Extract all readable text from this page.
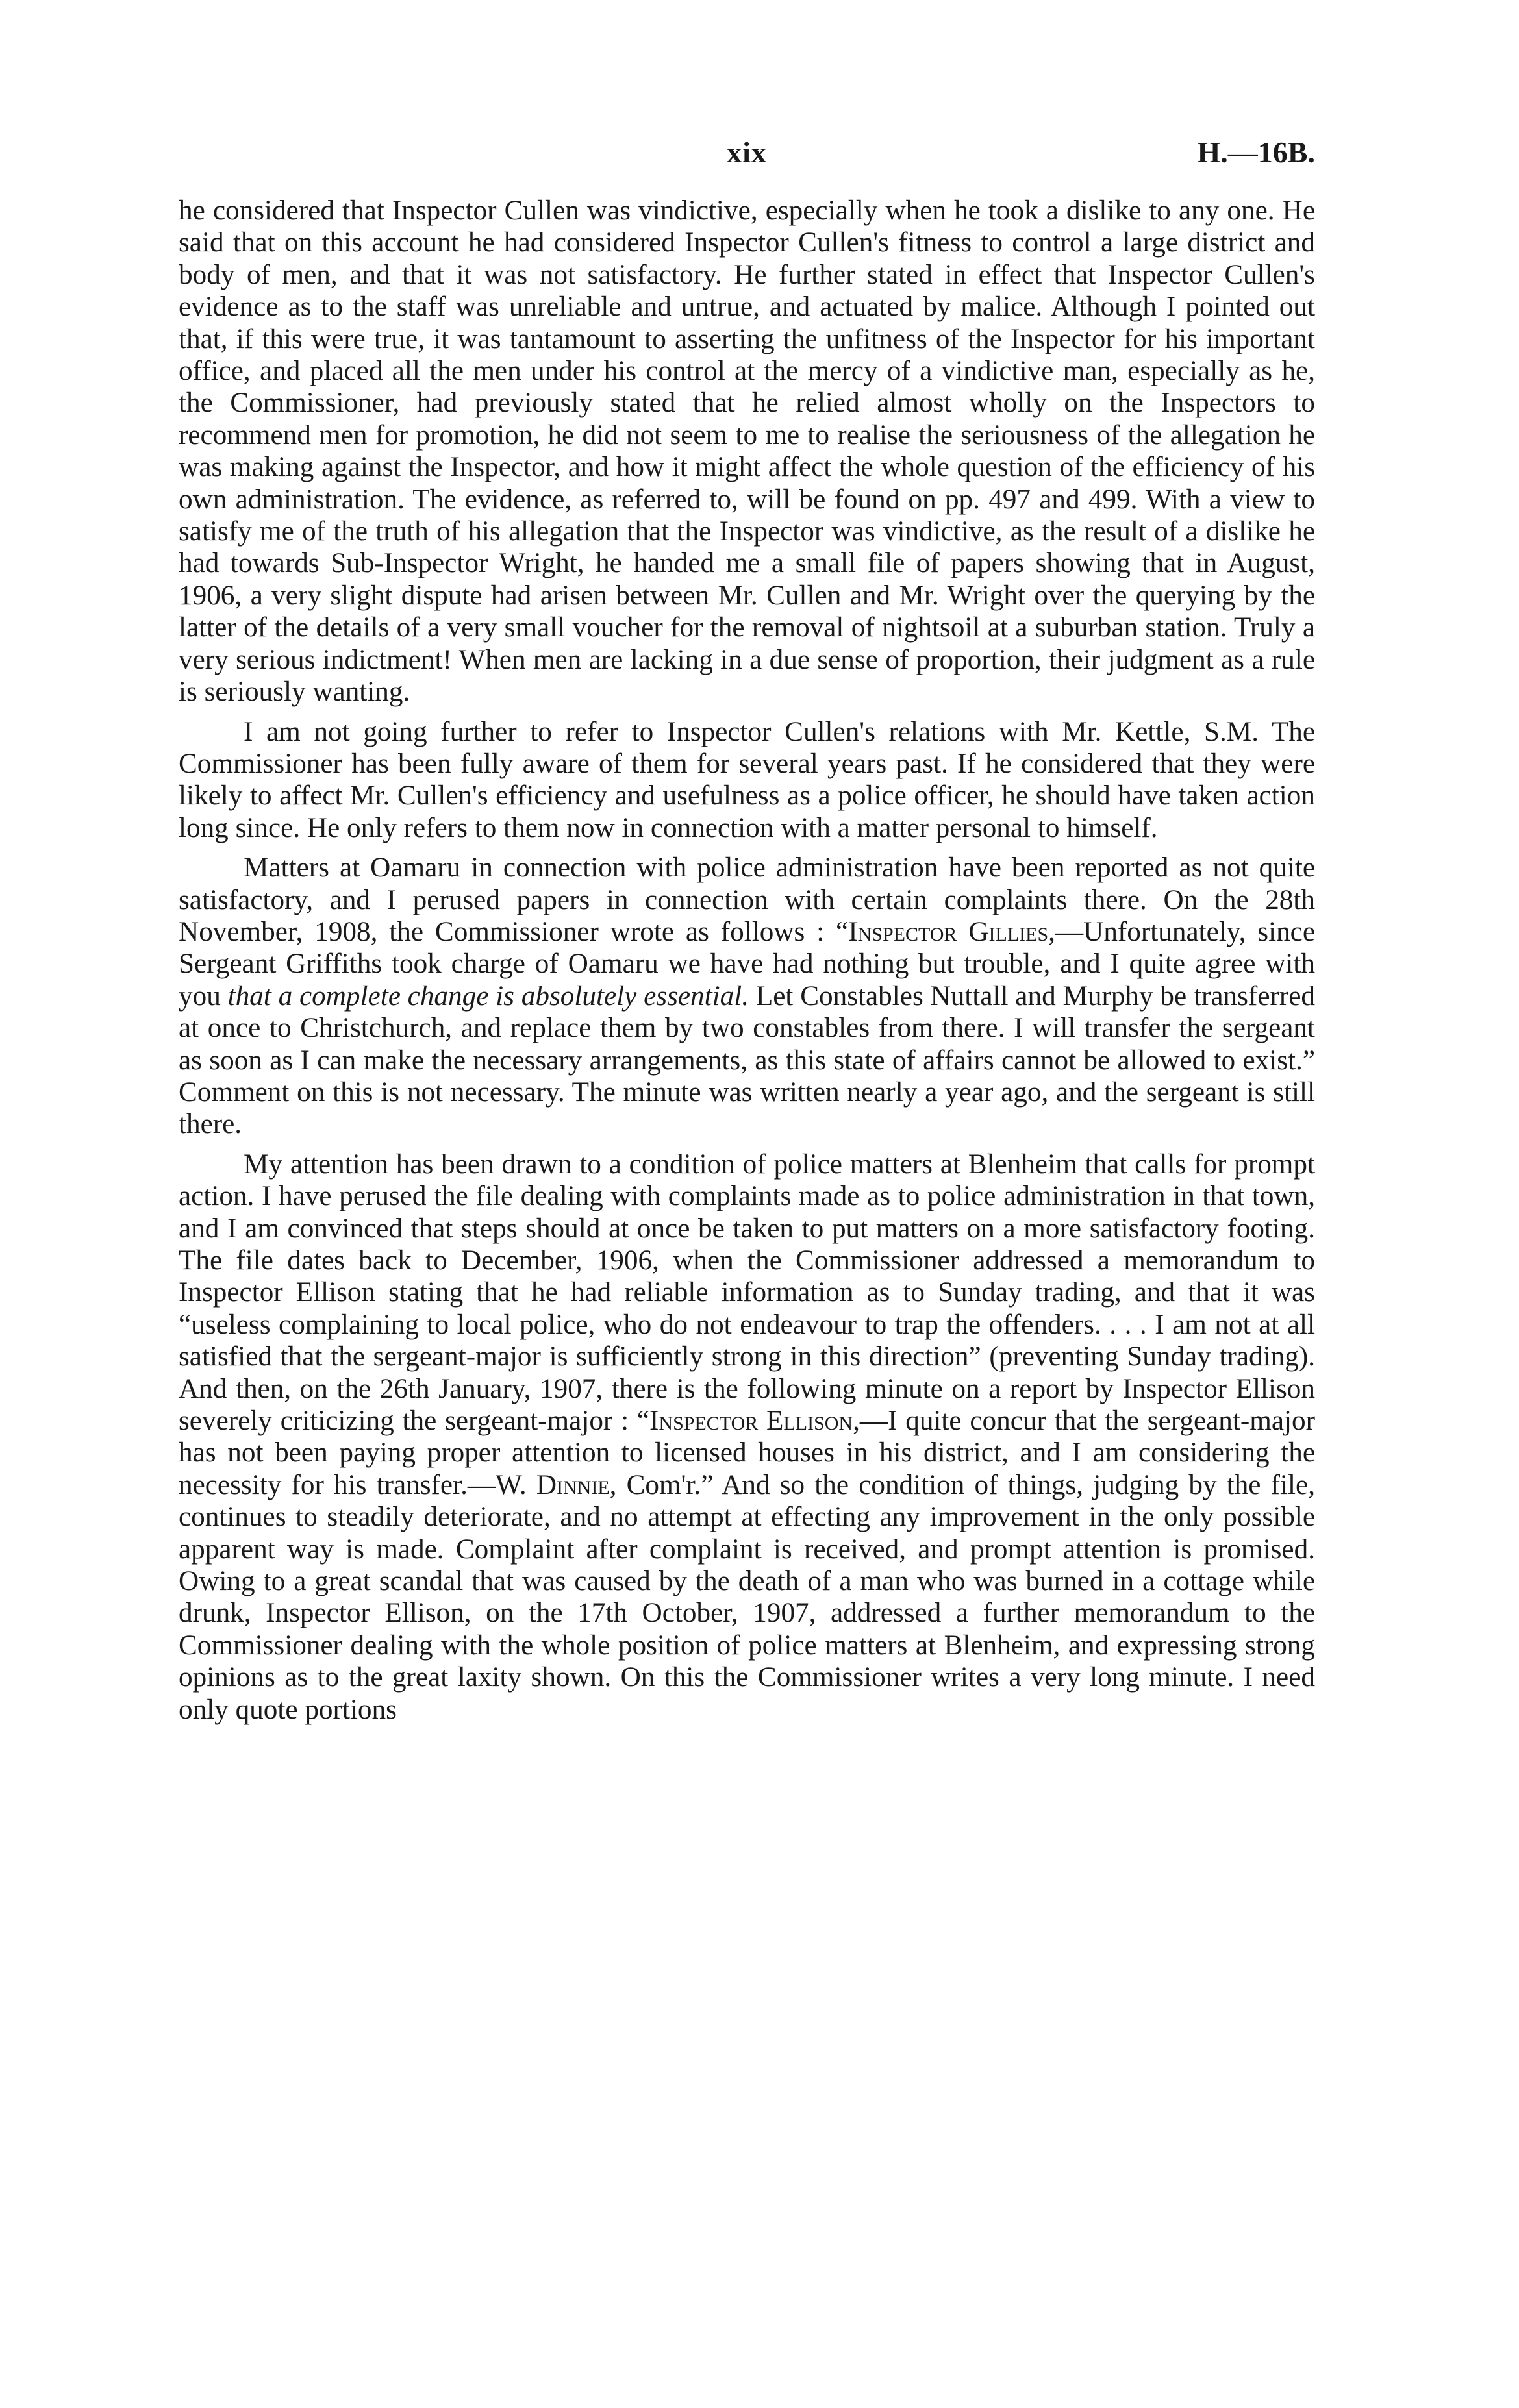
xix	H.—16B.

he considered that Inspector Cullen was vindictive, especially when he took a dislike to any one. He said that on this account he had considered Inspector Cullen's fitness to control a large district and body of men, and that it was not satisfactory. He further stated in effect that Inspector Cullen's evidence as to the staff was unreliable and untrue, and actuated by malice. Although I pointed out that, if this were true, it was tantamount to asserting the unfitness of the Inspector for his important office, and placed all the men under his control at the mercy of a vindictive man, especially as he, the Commissioner, had previously stated that he relied almost wholly on the Inspectors to recommend men for promotion, he did not seem to me to realise the seriousness of the allegation he was making against the Inspector, and how it might affect the whole question of the efficiency of his own administration. The evidence, as referred to, will be found on pp. 497 and 499. With a view to satisfy me of the truth of his allegation that the Inspector was vindictive, as the result of a dislike he had towards Sub-Inspector Wright, he handed me a small file of papers showing that in August, 1906, a very slight dispute had arisen between Mr. Cullen and Mr. Wright over the querying by the latter of the details of a very small voucher for the removal of nightsoil at a suburban station. Truly a very serious indictment! When men are lacking in a due sense of proportion, their judgment as a rule is seriously wanting.

I am not going further to refer to Inspector Cullen's relations with Mr. Kettle, S.M. The Commissioner has been fully aware of them for several years past. If he considered that they were likely to affect Mr. Cullen's efficiency and usefulness as a police officer, he should have taken action long since. He only refers to them now in connection with a matter personal to himself.

Matters at Oamaru in connection with police administration have been reported as not quite satisfactory, and I perused papers in connection with certain complaints there. On the 28th November, 1908, the Commissioner wrote as follows : “Inspector Gillies,—Unfortunately, since Sergeant Griffiths took charge of Oamaru we have had nothing but trouble, and I quite agree with you that a complete change is absolutely essential. Let Constables Nuttall and Murphy be transferred at once to Christchurch, and replace them by two constables from there. I will transfer the sergeant as soon as I can make the necessary arrangements, as this state of affairs cannot be allowed to exist.” Comment on this is not necessary. The minute was written nearly a year ago, and the sergeant is still there.

My attention has been drawn to a condition of police matters at Blenheim that calls for prompt action. I have perused the file dealing with complaints made as to police administration in that town, and I am convinced that steps should at once be taken to put matters on a more satisfactory footing. The file dates back to December, 1906, when the Commissioner addressed a memorandum to Inspector Ellison stating that he had reliable information as to Sunday trading, and that it was “useless complaining to local police, who do not endeavour to trap the offenders. . . . I am not at all satisfied that the sergeant-major is sufficiently strong in this direction” (preventing Sunday trading). And then, on the 26th January, 1907, there is the following minute on a report by Inspector Ellison severely criticizing the sergeant-major : “Inspector Ellison,—I quite concur that the sergeant-major has not been paying proper attention to licensed houses in his district, and I am considering the necessity for his transfer.—W. Dinnie, Com'r.” And so the condition of things, judging by the file, continues to steadily deteriorate, and no attempt at effecting any improvement in the only possible apparent way is made. Complaint after complaint is received, and prompt attention is promised. Owing to a great scandal that was caused by the death of a man who was burned in a cottage while drunk, Inspector Ellison, on the 17th October, 1907, addressed a further memorandum to the Commissioner dealing with the whole position of police matters at Blenheim, and expressing strong opinions as to the great laxity shown. On this the Commissioner writes a very long minute. I need only quote portions
